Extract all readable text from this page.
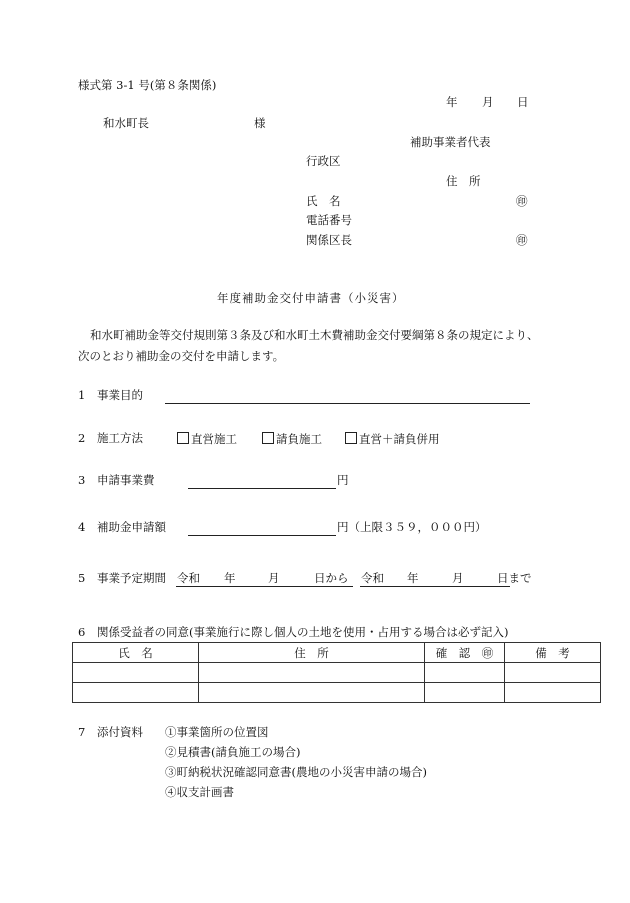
様式第 3-1 号(第８条関係)
年 月 日
和水町長	様
補助事業者代表
行政区
住　所
氏　名	㊞
電話番号
関係区長	㊞
年度補助金交付申請書（小災害）
和水町補助金等交付規則第３条及び和水町土木費補助金交付要綱第８条の規定により、
次のとおり補助金の交付を申請します。
1 事業目的
2 施工方法	直営施工	請負施工	直営＋請負併用
3 申請事業費	円
4 補助金申請額	円（上限３５９，０００円）
5 事業予定期間 令和 年	月	日から 令和 年	月	日まで
6 関係受益者の同意(事業施行に際し個人の土地を使用・占用する場合は必ず記入)
氏　名	住　所	確　認　㊞	備　考

7 添付資料 ①事業箇所の位置図
②見積書(請負施工の場合)
③町納税状況確認同意書(農地の小災害申請の場合)
④収支計画書
